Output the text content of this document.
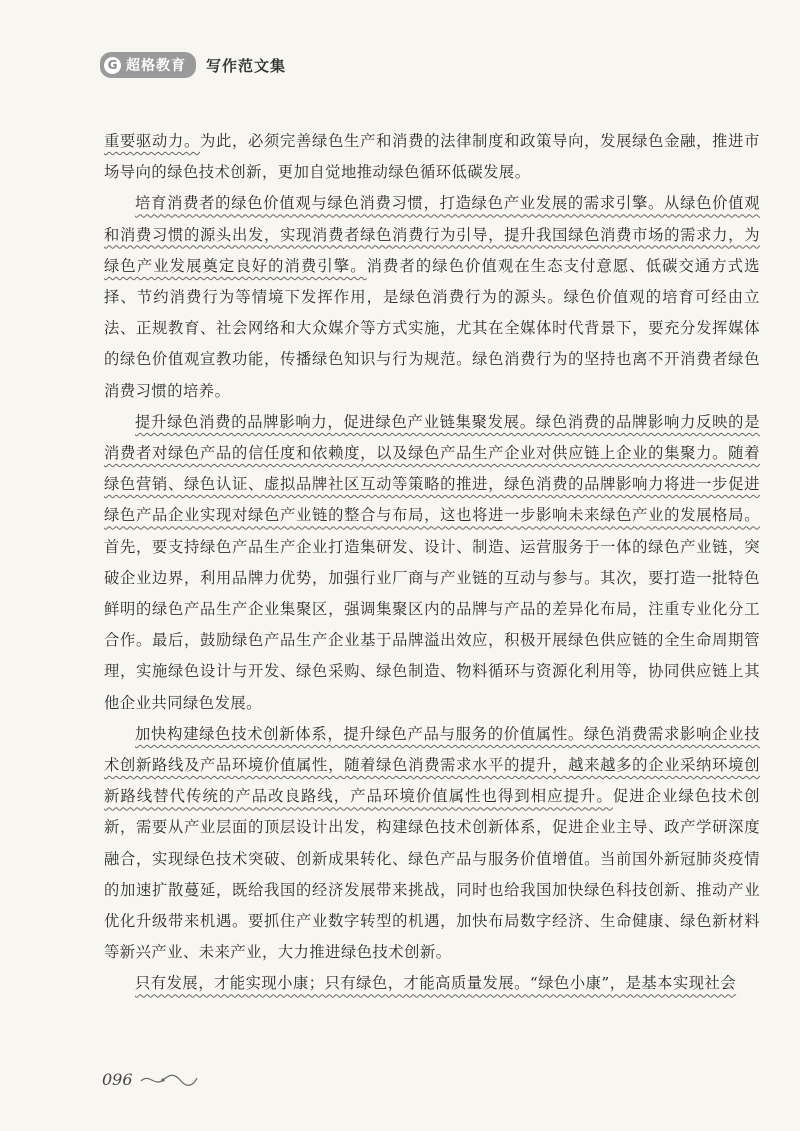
G 超格教育 写作范文集

重要驱动力。为此，必须完善绿色生产和消费的法律制度和政策导向，发展绿色金融，推进市场导向的绿色技术创新，更加自觉地推动绿色循环低碳发展。

培育消费者的绿色价值观与绿色消费习惯，打造绿色产业发展的需求引擎。从绿色价值观和消费习惯的源头出发，实现消费者绿色消费行为引导，提升我国绿色消费市场的需求力，为绿色产业发展奠定良好的消费引擎。消费者的绿色价值观在生态支付意愿、低碳交通方式选择、节约消费行为等情境下发挥作用，是绿色消费行为的源头。绿色价值观的培育可经由立法、正规教育、社会网络和大众媒介等方式实施，尤其在全媒体时代背景下，要充分发挥媒体的绿色价值观宣教功能，传播绿色知识与行为规范。绿色消费行为的坚持也离不开消费者绿色消费习惯的培养。

提升绿色消费的品牌影响力，促进绿色产业链集聚发展。绿色消费的品牌影响力反映的是消费者对绿色产品的信任度和依赖度，以及绿色产品生产企业对供应链上企业的集聚力。随着绿色营销、绿色认证、虚拟品牌社区互动等策略的推进，绿色消费的品牌影响力将进一步促进绿色产品企业实现对绿色产业链的整合与布局，这也将进一步影响未来绿色产业的发展格局。首先，要支持绿色产品生产企业打造集研发、设计、制造、运营服务于一体的绿色产业链，突破企业边界，利用品牌力优势，加强行业厂商与产业链的互动与参与。其次，要打造一批特色鲜明的绿色产品生产企业集聚区，强调集聚区内的品牌与产品的差异化布局，注重专业化分工合作。最后，鼓励绿色产品生产企业基于品牌溢出效应，积极开展绿色供应链的全生命周期管理，实施绿色设计与开发、绿色采购、绿色制造、物料循环与资源化利用等，协同供应链上其他企业共同绿色发展。

加快构建绿色技术创新体系，提升绿色产品与服务的价值属性。绿色消费需求影响企业技术创新路线及产品环境价值属性，随着绿色消费需求水平的提升，越来越多的企业采纳环境创新路线替代传统的产品改良路线，产品环境价值属性也得到相应提升。促进企业绿色技术创新，需要从产业层面的顶层设计出发，构建绿色技术创新体系，促进企业主导、政产学研深度融合，实现绿色技术突破、创新成果转化、绿色产品与服务价值增值。当前国外新冠肺炎疫情的加速扩散蔓延，既给我国的经济发展带来挑战，同时也给我国加快绿色科技创新、推动产业优化升级带来机遇。要抓住产业数字转型的机遇，加快布局数字经济、生命健康、绿色新材料等新兴产业、未来产业，大力推进绿色技术创新。

只有发展，才能实现小康；只有绿色，才能高质量发展。“绿色小康”，是基本实现社会

096
